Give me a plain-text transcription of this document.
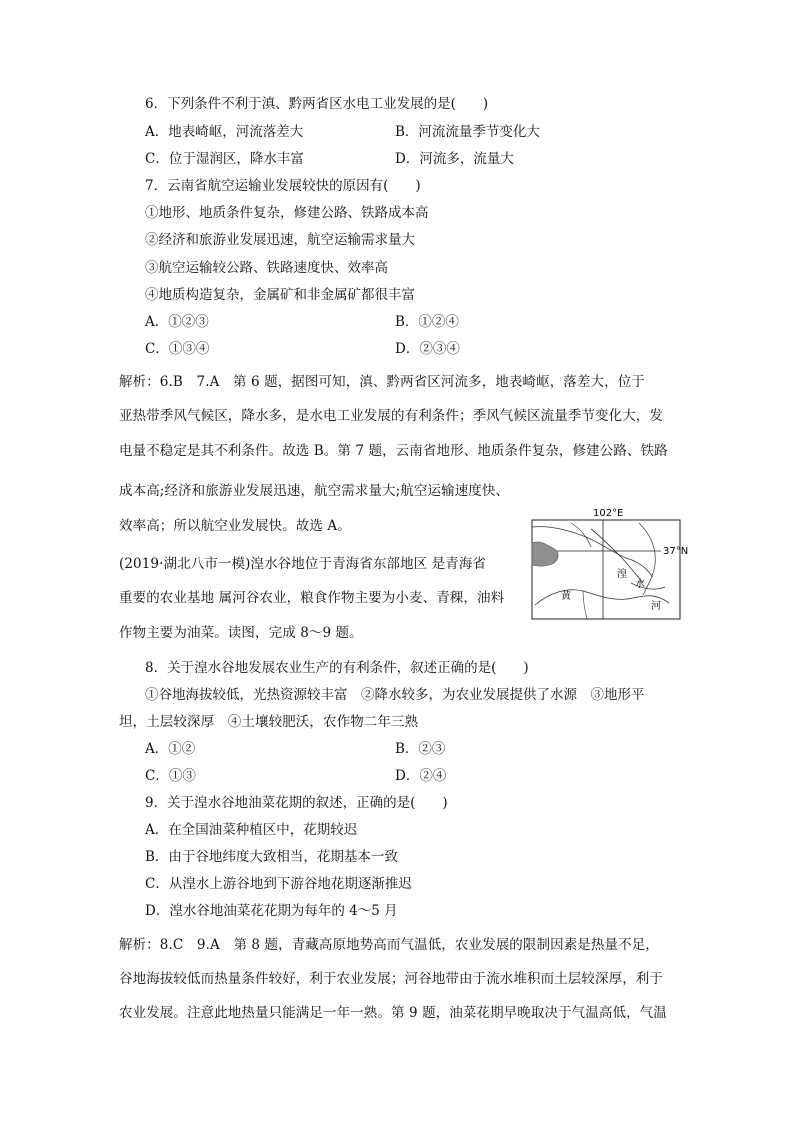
6．下列条件不利于滇、黔两省区水电工业发展的是(　　)
A．地表崎岖，河流落差大	B．河流流量季节变化大
C．位于湿润区，降水丰富	D．河流多，流量大
7．云南省航空运输业发展较快的原因有(　　)
①地形、地质条件复杂，修建公路、铁路成本高
②经济和旅游业发展迅速，航空运输需求量大
③航空运输较公路、铁路速度快、效率高
④地质构造复杂，金属矿和非金属矿都很丰富
A．①②③	B．①②④
C．①③④	D．②③④
解析：6.B　7.A　第 6 题，据图可知，滇、黔两省区河流多，地表崎岖，落差大，位于
亚热带季风气候区，降水多，是水电工业发展的有利条件；季风气候区流量季节变化大，发
电量不稳定是其不利条件。故选 B。第 7 题，云南省地形、地质条件复杂，修建公路、铁路
成本高;经济和旅游业发展迅速，航空需求量大;航空运输速度快、
效率高；所以航空业发展快。故选 A。
(2019·湖北八市一模)湟水谷地位于青海省东部地区 是青海省
重要的农业基地 属河谷农业，粮食作物主要为小麦、青稞，油料
作物主要为油菜。读图，完成 8～9 题。
102°E
37°N
湟
水
黄
河
8．关于湟水谷地发展农业生产的有利条件，叙述正确的是(　　)
①谷地海拔较低，光热资源较丰富　②降水较多，为农业发展提供了水源　③地形平
坦，土层较深厚　④土壤较肥沃，农作物二年三熟
A．①②	B．②③
C．①③	D．②④
9．关于湟水谷地油菜花期的叙述，正确的是(　　)
A．在全国油菜种植区中，花期较迟
B．由于谷地纬度大致相当，花期基本一致
C．从湟水上游谷地到下游谷地花期逐渐推迟
D．湟水谷地油菜花花期为每年的 4～5 月
解析：8.C　9.A　第 8 题，青藏高原地势高而气温低，农业发展的限制因素是热量不足，
谷地海拔较低而热量条件较好，利于农业发展；河谷地带由于流水堆积而土层较深厚，利于
农业发展。注意此地热量只能满足一年一熟。第 9 题，油菜花期早晚取决于气温高低，气温
